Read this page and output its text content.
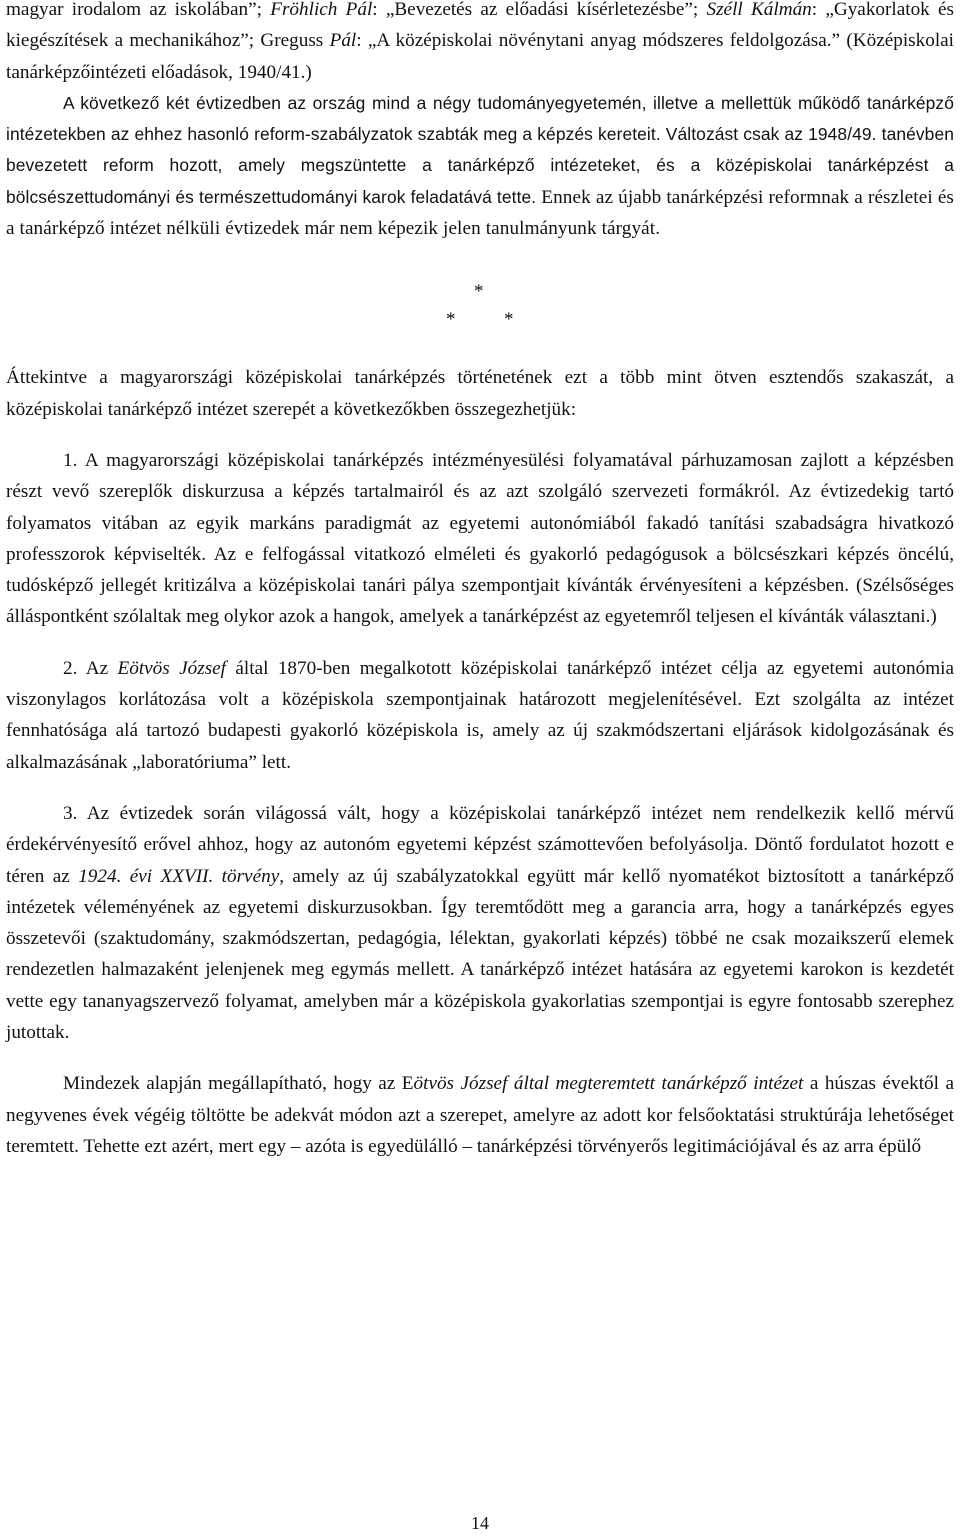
magyar irodalom az iskolában”; Fröhlich Pál: „Bevezetés az előadási kísérletezésbe”; Széll Kálmán: „Gyakorlatok és kiegészítések a mechanikához”; Greguss Pál: „A középiskolai növénytani anyag módszeres feldolgozása.” (Középiskolai tanárképzőintézeti előadások, 1940/41.)

A következő két évtizedben az ország mind a négy tudományegyetemén, illetve a mellettük működő tanárképző intézetekben az ehhez hasonló reform-szabályzatok szabták meg a képzés kereteit. Változást csak az 1948/49. tanévben bevezetett reform hozott, amely megszüntette a tanárképző intézeteket, és a középiskolai tanárképzést a bölcsészettudományi és természettudományi karok feladatává tette. Ennek az újabb tanárképzési reformnak a részletei és a tanárképző intézet nélküli évtizedek már nem képezik jelen tanulmányunk tárgyát.

*
*	*

Áttekintve a magyarországi középiskolai tanárképzés történetének ezt a több mint ötven esztendős szakaszát, a középiskolai tanárképző intézet szerepét a következőkben összegezhetjük:

1. A magyarországi középiskolai tanárképzés intézményesülési folyamatával párhuzamosan zajlott a képzésben részt vevő szereplők diskurzusa a képzés tartalmairól és az azt szolgáló szervezeti formákról. Az évtizedekig tartó folyamatos vitában az egyik markáns paradigmát az egyetemi autonómiából fakadó tanítási szabadságra hivatkozó professzorok képviselték. Az e felfogással vitatkozó elméleti és gyakorló pedagógusok a bölcsészkari képzés öncélú, tudósképző jellegét kritizálva a középiskolai tanári pálya szempontjait kívánták érvényesíteni a képzésben. (Szélsőséges álláspontként szólaltak meg olykor azok a hangok, amelyek a tanárképzést az egyetemről teljesen el kívánták választani.)

2. Az Eötvös József által 1870-ben megalkotott középiskolai tanárképző intézet célja az egyetemi autonómia viszonylagos korlátozása volt a középiskola szempontjainak határozott megjelenítésével. Ezt szolgálta az intézet fennhatósága alá tartozó budapesti gyakorló középiskola is, amely az új szakmódszertani eljárások kidolgozásának és alkalmazásának „laboratóriuma” lett.

3. Az évtizedek során világossá vált, hogy a középiskolai tanárképző intézet nem rendelkezik kellő mérvű érdekérvényesítő erővel ahhoz, hogy az autonóm egyetemi képzést számottevően befolyásolja. Döntő fordulatot hozott e téren az 1924. évi XXVII. törvény, amely az új szabályzatokkal együtt már kellő nyomatékot biztosított a tanárképző intézetek véleményének az egyetemi diskurzusokban. Így teremtődött meg a garancia arra, hogy a tanárképzés egyes összetevői (szaktudomány, szakmódszertan, pedagógia, lélektan, gyakorlati képzés) többé ne csak mozaikszerű elemek rendezetlen halmazaként jelenjenek meg egymás mellett. A tanárképző intézet hatására az egyetemi karokon is kezdetét vette egy tananyagszervező folyamat, amelyben már a középiskola gyakorlatias szempontjai is egyre fontosabb szerephez jutottak.

Mindezek alapján megállapítható, hogy az Eötvös József által megteremtett tanárképző intézet a húszas évektől a negyvenes évek végéig töltötte be adekvát módon azt a szerepet, amelyre az adott kor felsőoktatási struktúrája lehetőséget teremtett. Tehette ezt azért, mert egy – azóta is egyedülálló – tanárképzési törvényerős legitimációjával és az arra épülő

14
